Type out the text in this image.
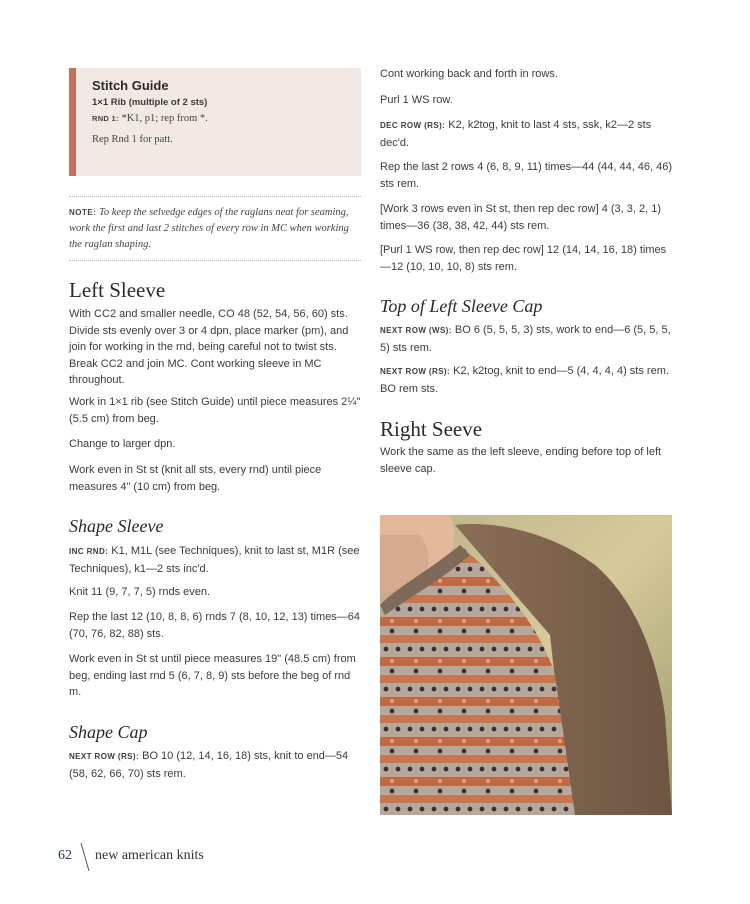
Stitch Guide
1×1 Rib (multiple of 2 sts)
RND 1: *K1, p1; rep from *.
Rep Rnd 1 for patt.
NOTE: To keep the selvedge edges of the raglans neat for seaming, work the first and last 2 stitches of every row in MC when working the raglan shaping.
Left Sleeve

With CC2 and smaller needle, CO 48 (52, 54, 56, 60) sts. Divide sts evenly over 3 or 4 dpn, place marker (pm), and join for working in the rnd, being careful not to twist sts. Break CC2 and join MC. Cont working sleeve in MC throughout.

Work in 1×1 rib (see Stitch Guide) until piece measures 2¼" (5.5 cm) from beg.

Change to larger dpn.

Work even in St st (knit all sts, every rnd) until piece measures 4" (10 cm) from beg.

Shape Sleeve

INC RND: K1, M1L (see Techniques), knit to last st, M1R (see Techniques), k1—2 sts inc'd.

Knit 11 (9, 7, 7, 5) rnds even.

Rep the last 12 (10, 8, 8, 6) rnds 7 (8, 10, 12, 13) times—64 (70, 76, 82, 88) sts.

Work even in St st until piece measures 19" (48.5 cm) from beg, ending last rnd 5 (6, 7, 8, 9) sts before the beg of rnd m.

Shape Cap

NEXT ROW (RS): BO 10 (12, 14, 16, 18) sts, knit to end—54 (58, 62, 66, 70) sts rem.

Cont working back and forth in rows.

Purl 1 WS row.

DEC ROW (RS): K2, k2tog, knit to last 4 sts, ssk, k2—2 sts dec'd.

Rep the last 2 rows 4 (6, 8, 9, 11) times—44 (44, 44, 46, 46) sts rem.

[Work 3 rows even in St st, then rep dec row] 4 (3, 3, 2, 1) times—36 (38, 38, 42, 44) sts rem.

[Purl 1 WS row, then rep dec row] 12 (14, 14, 16, 18) times—12 (10, 10, 10, 8) sts rem.

Top of Left Sleeve Cap

NEXT ROW (WS): BO 6 (5, 5, 5, 3) sts, work to end—6 (5, 5, 5, 5) sts rem.

NEXT ROW (RS): K2, k2tog, knit to end—5 (4, 4, 4, 4) sts rem. BO rem sts.

Right Seeve

Work the same as the left sleeve, ending before top of left sleeve cap.

62 new american knits
